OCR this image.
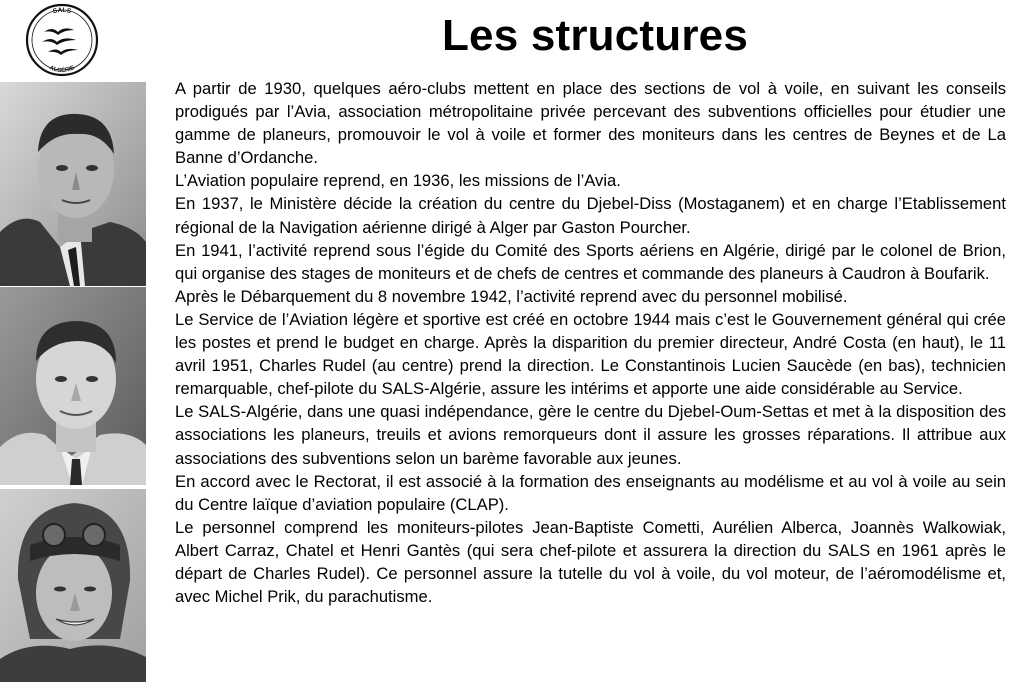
SALS
ALGÉRIE
Les structures

A partir de 1930, quelques aéro-clubs mettent en place des sections de vol à voile, en suivant les conseils prodigués par l’Avia, association métropolitaine privée percevant des subventions officielles pour étudier une gamme de planeurs, promouvoir le vol à voile et former des moniteurs dans les centres de Beynes et de La Banne d’Ordanche.

L’Aviation populaire reprend, en 1936, les missions de l’Avia.

En 1937, le Ministère décide la création du centre du Djebel-Diss (Mostaganem) et en charge l’Etablissement régional de la Navigation aérienne dirigé à Alger par Gaston Pourcher.

En 1941, l’activité reprend sous l’égide du Comité des Sports aériens en Algérie, dirigé par le colonel de Brion, qui organise des stages de moniteurs et de chefs de centres et commande des planeurs à Caudron à Boufarik.

Après le Débarquement du 8 novembre 1942, l’activité reprend avec du personnel mobilisé.

Le Service de l’Aviation légère et sportive est créé en octobre 1944 mais c’est le Gouvernement général qui crée les postes et prend le budget en charge. Après la disparition du premier directeur, André Costa (en haut), le 11 avril 1951, Charles Rudel (au centre) prend la direction. Le Constantinois Lucien Saucède (en bas), technicien remarquable, chef-pilote du SALS-Algérie, assure les intérims et apporte une aide considérable au Service.

Le SALS-Algérie, dans une quasi indépendance, gère le centre du Djebel-Oum-Settas et met à la disposition des associations les planeurs, treuils et avions remorqueurs dont il assure les grosses réparations. Il attribue aux associations des subventions selon un barème favorable aux jeunes.

En accord avec le Rectorat, il est associé à la formation des enseignants au modélisme et au vol à voile au sein du Centre laïque d’aviation populaire (CLAP).

Le personnel comprend les moniteurs-pilotes Jean-Baptiste Cometti, Aurélien Alberca, Joannès Walkowiak, Albert Carraz, Chatel et Henri Gantès (qui sera chef-pilote et assurera la direction du SALS en 1961 après le départ de Charles Rudel). Ce personnel assure la tutelle du vol à voile, du vol moteur, de l’aéromodélisme et, avec Michel Prik, du parachutisme.
